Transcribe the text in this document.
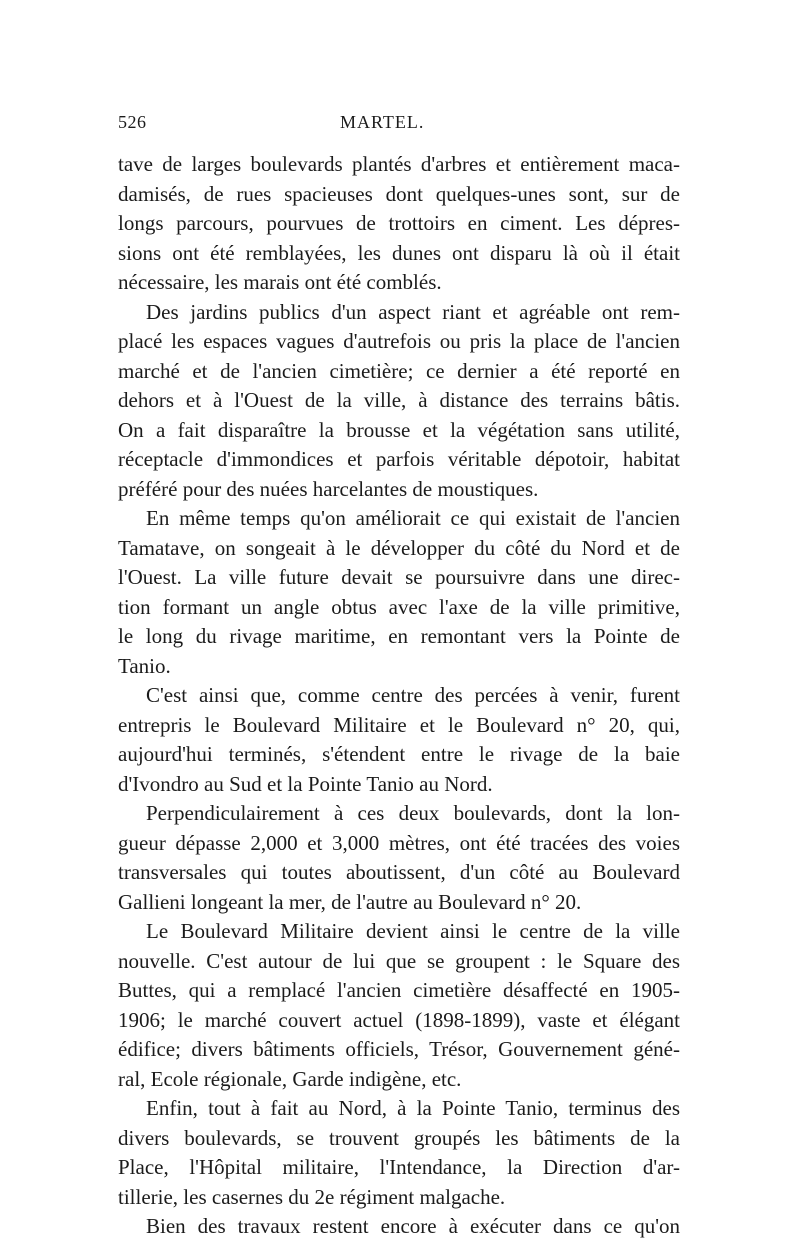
526	MARTEL.
tave de larges boulevards plantés d'arbres et entièrement maca-
damisés, de rues spacieuses dont quelques-unes sont, sur de
longs parcours, pourvues de trottoirs en ciment. Les dépres-
sions ont été remblayées, les dunes ont disparu là où il était
nécessaire, les marais ont été comblés.
Des jardins publics d'un aspect riant et agréable ont rem-
placé les espaces vagues d'autrefois ou pris la place de l'ancien
marché et de l'ancien cimetière; ce dernier a été reporté en
dehors et à l'Ouest de la ville, à distance des terrains bâtis.
On a fait disparaître la brousse et la végétation sans utilité,
réceptacle d'immondices et parfois véritable dépotoir, habitat
préféré pour des nuées harcelantes de moustiques.
En même temps qu'on améliorait ce qui existait de l'ancien
Tamatave, on songeait à le développer du côté du Nord et de
l'Ouest. La ville future devait se poursuivre dans une direc-
tion formant un angle obtus avec l'axe de la ville primitive,
le long du rivage maritime, en remontant vers la Pointe de
Tanio.
C'est ainsi que, comme centre des percées à venir, furent
entrepris le Boulevard Militaire et le Boulevard n° 20, qui,
aujourd'hui terminés, s'étendent entre le rivage de la baie
d'Ivondro au Sud et la Pointe Tanio au Nord.
Perpendiculairement à ces deux boulevards, dont la lon-
gueur dépasse 2,000 et 3,000 mètres, ont été tracées des voies
transversales qui toutes aboutissent, d'un côté au Boulevard
Gallieni longeant la mer, de l'autre au Boulevard n° 20.
Le Boulevard Militaire devient ainsi le centre de la ville
nouvelle. C'est autour de lui que se groupent : le Square des
Buttes, qui a remplacé l'ancien cimetière désaffecté en 1905-
1906; le marché couvert actuel (1898-1899), vaste et élégant
édifice; divers bâtiments officiels, Trésor, Gouvernement géné-
ral, Ecole régionale, Garde indigène, etc.
Enfin, tout à fait au Nord, à la Pointe Tanio, terminus des
divers boulevards, se trouvent groupés les bâtiments de la
Place, l'Hôpital militaire, l'Intendance, la Direction d'ar-
tillerie, les casernes du 2e régiment malgache.
Bien des travaux restent encore à exécuter dans ce qu'on
